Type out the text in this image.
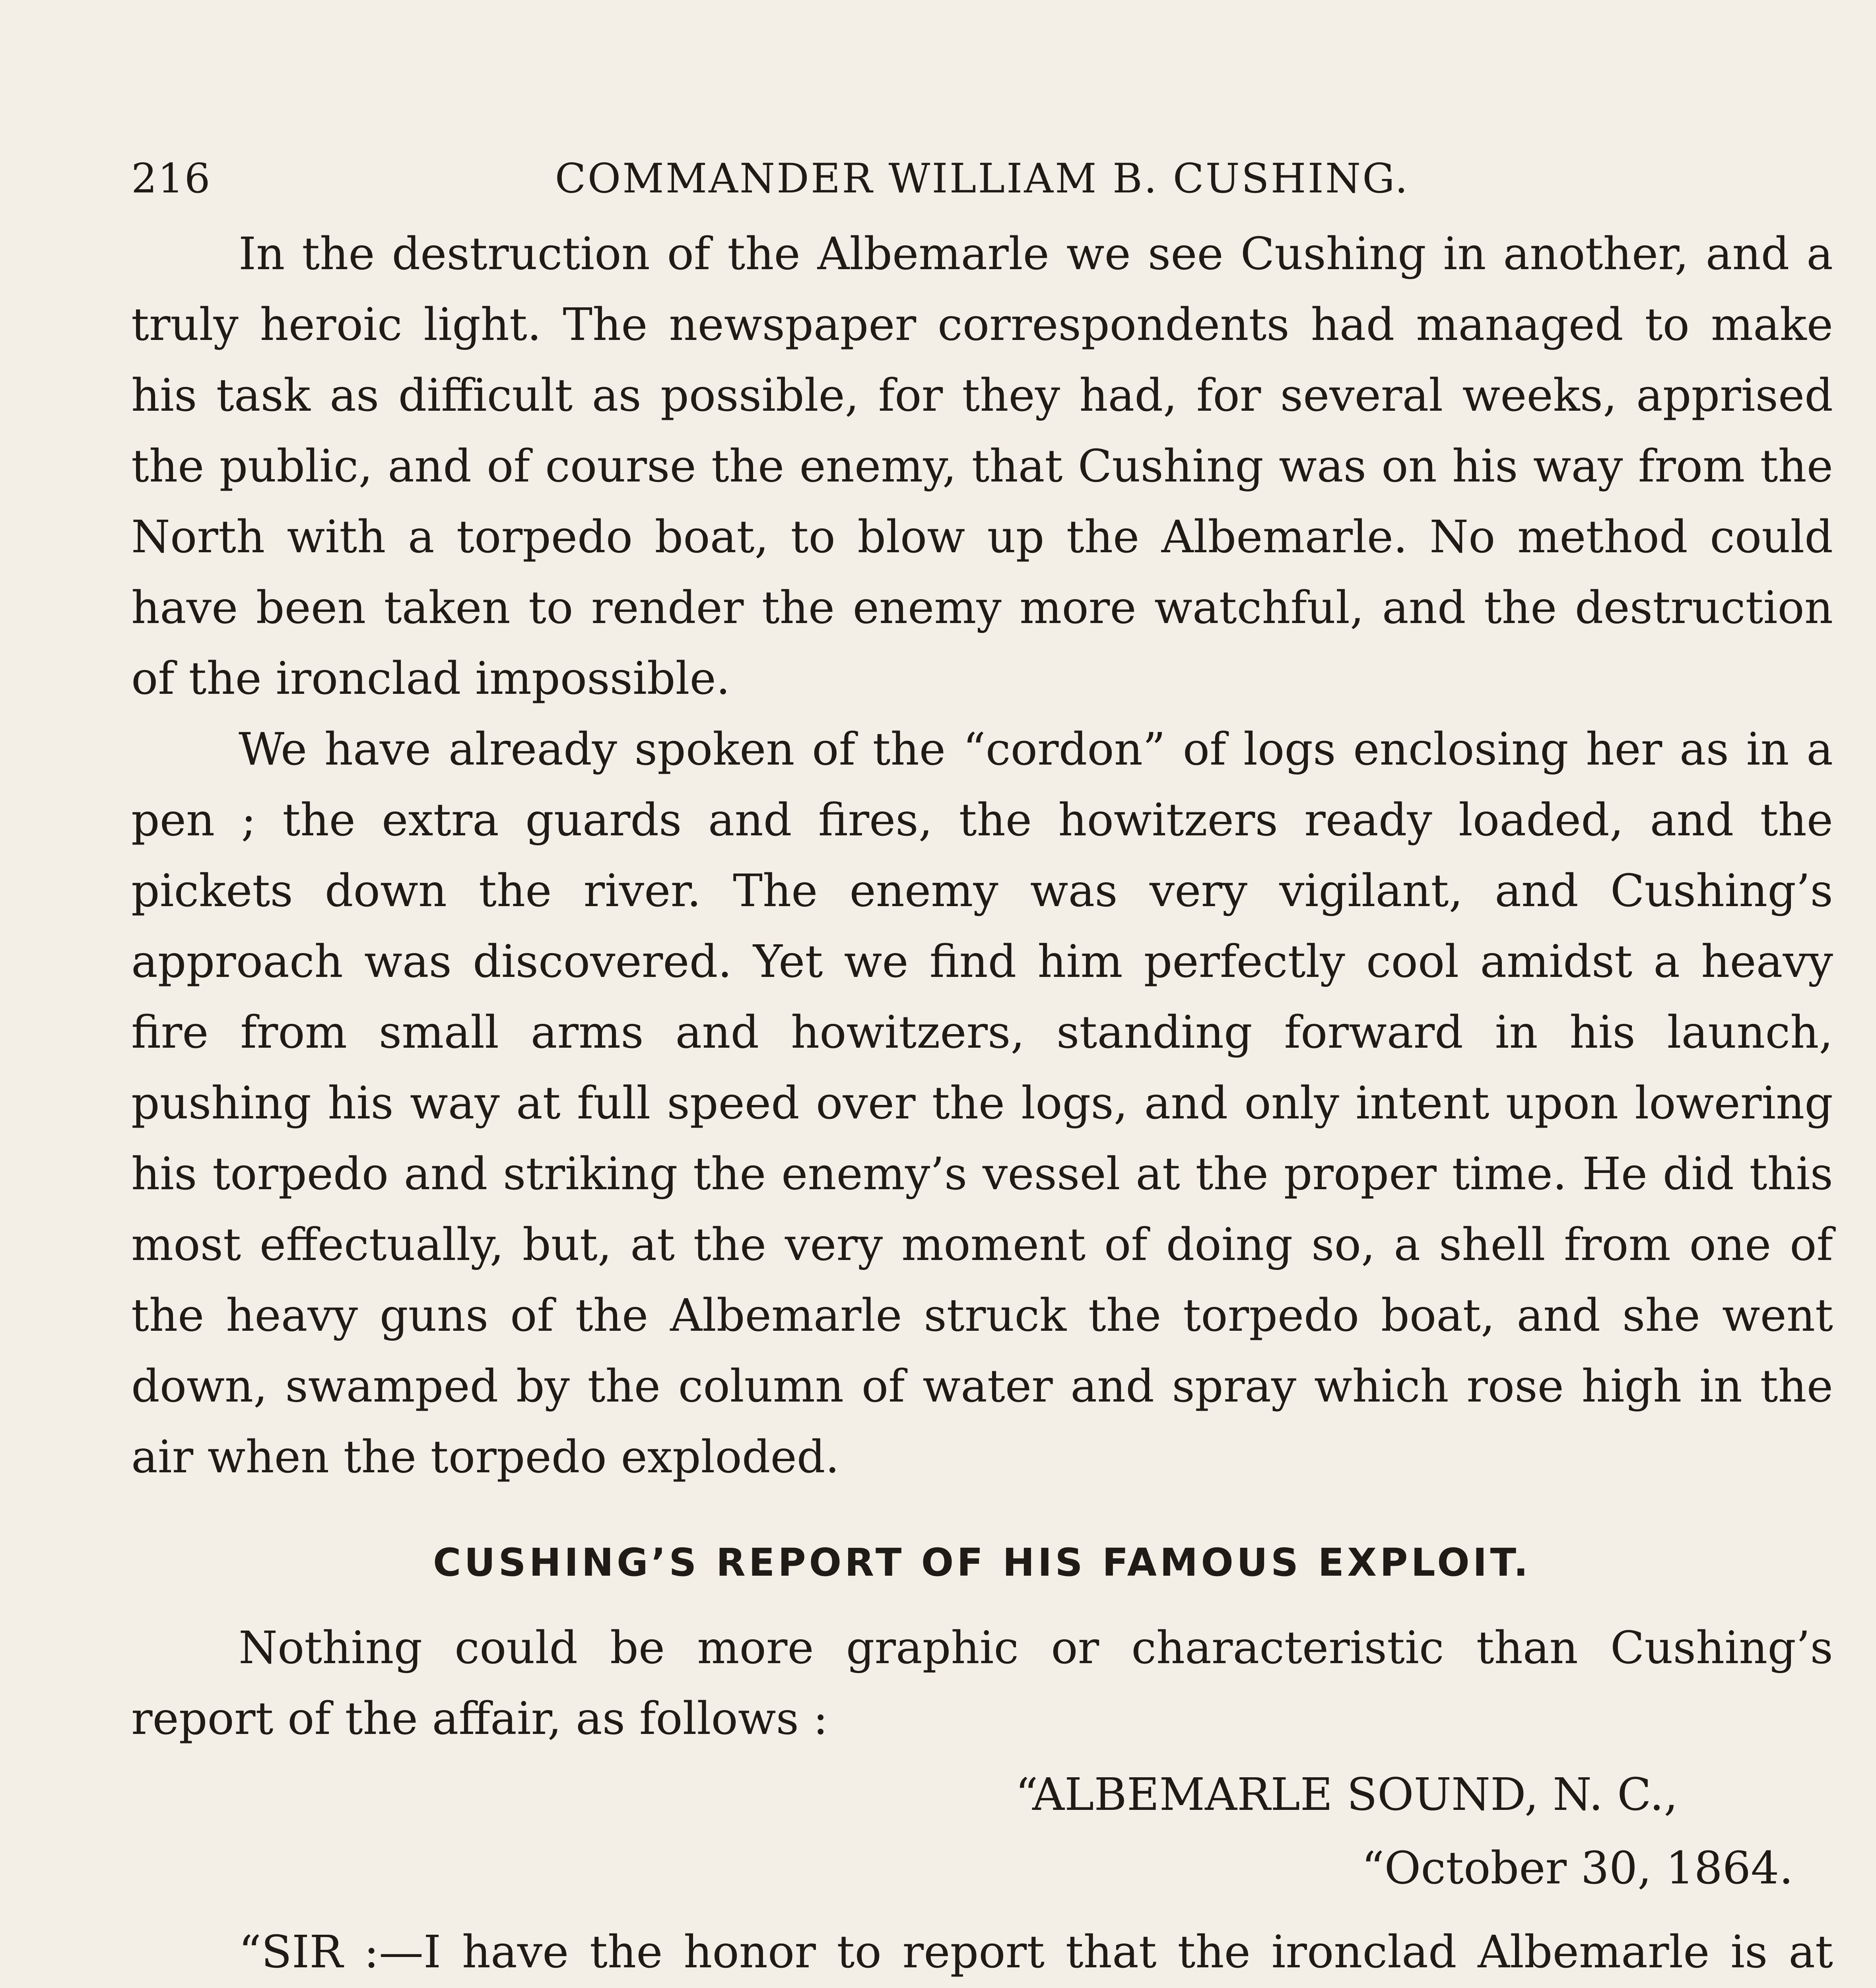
216	COMMANDER WILLIAM B. CUSHING.

In the destruction of the Albemarle we see Cushing in another, and a truly heroic light. The newspaper correspondents had managed to make his task as difficult as possible, for they had, for several weeks, apprised the public, and of course the enemy, that Cushing was on his way from the North with a torpedo boat, to blow up the Albemarle. No method could have been taken to render the enemy more watchful, and the destruction of the ironclad impossible.

We have already spoken of the “cordon” of logs enclosing her as in a pen ; the extra guards and fires, the howitzers ready loaded, and the pickets down the river. The enemy was very vigilant, and Cushing’s approach was discovered. Yet we find him perfectly cool amidst a heavy fire from small arms and howitzers, standing forward in his launch, pushing his way at full speed over the logs, and only intent upon lowering his torpedo and striking the enemy’s vessel at the proper time. He did this most effectually, but, at the very moment of doing so, a shell from one of the heavy guns of the Albemarle struck the torpedo boat, and she went down, swamped by the column of water and spray which rose high in the air when the torpedo exploded.

CUSHING’S REPORT OF HIS FAMOUS EXPLOIT.

Nothing could be more graphic or characteristic than Cushing’s report of the affair, as follows :

“ALBEMARLE SOUND, N. C.,
“October 30, 1864.

“SIR :—I have the honor to report that the ironclad Albemarle is at
